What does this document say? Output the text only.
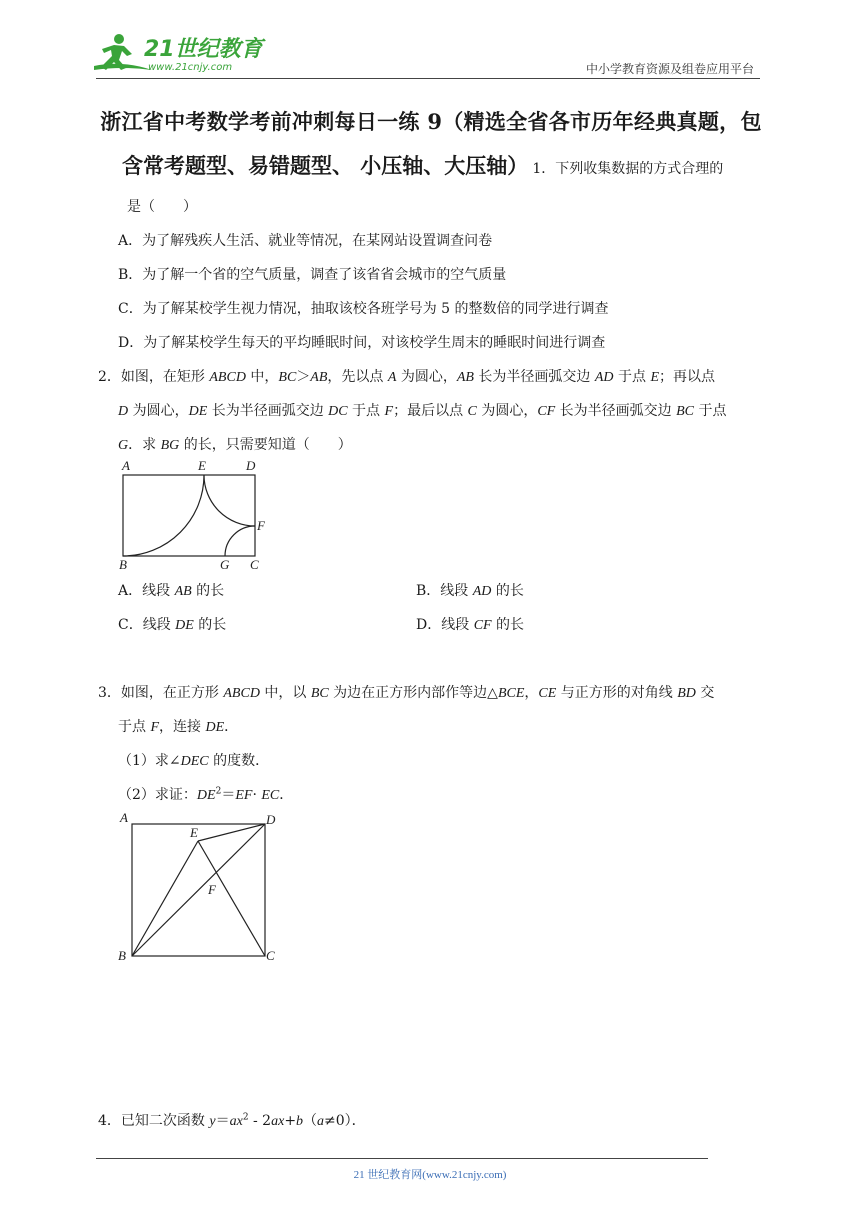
21世纪教育
www.21cnjy.com	中小学教育资源及组卷应用平台
浙江省中考数学考前冲刺每日一练 9（精选全省各市历年经典真题，包
含常考题型、易错题型、 小压轴、大压轴） 1．下列收集数据的方式合理的
是（　　）
A．为了解残疾人生活、就业等情况，在某网站设置调查问卷
B．为了解一个省的空气质量，调查了该省省会城市的空气质量
C．为了解某校学生视力情况，抽取该校各班学号为 5 的整数倍的同学进行调查
D．为了解某校学生每天的平均睡眠时间，对该校学生周末的睡眠时间进行调查
2．如图，在矩形 ABCD 中，BC＞AB，先以点 A 为圆心，AB 长为半径画弧交边 AD 于点 E；再以点
D 为圆心，DE 长为半径画弧交边 DC 于点 F；最后以点 C 为圆心，CF 长为半径画弧交边 BC 于点
G．求 BG 的长，只需要知道（　　）
A	E	D
F
B	G C
A．线段 AB 的长	B．线段 AD 的长
C．线段 DE 的长	D．线段 CF 的长
3．如图，在正方形 ABCD 中，以 BC 为边在正方形内部作等边△BCE，CE 与正方形的对角线 BD 交
于点 F，连接 DE．
（1）求∠DEC 的度数．
（2）求证：$DE^2=EF\cdot$ EC．
A
E
D
F
B	C
4．已知二次函数 $y=ax^2 - 2ax+b(a\ne 0)$．
21 世纪教育网(www.21cnjy.com)
